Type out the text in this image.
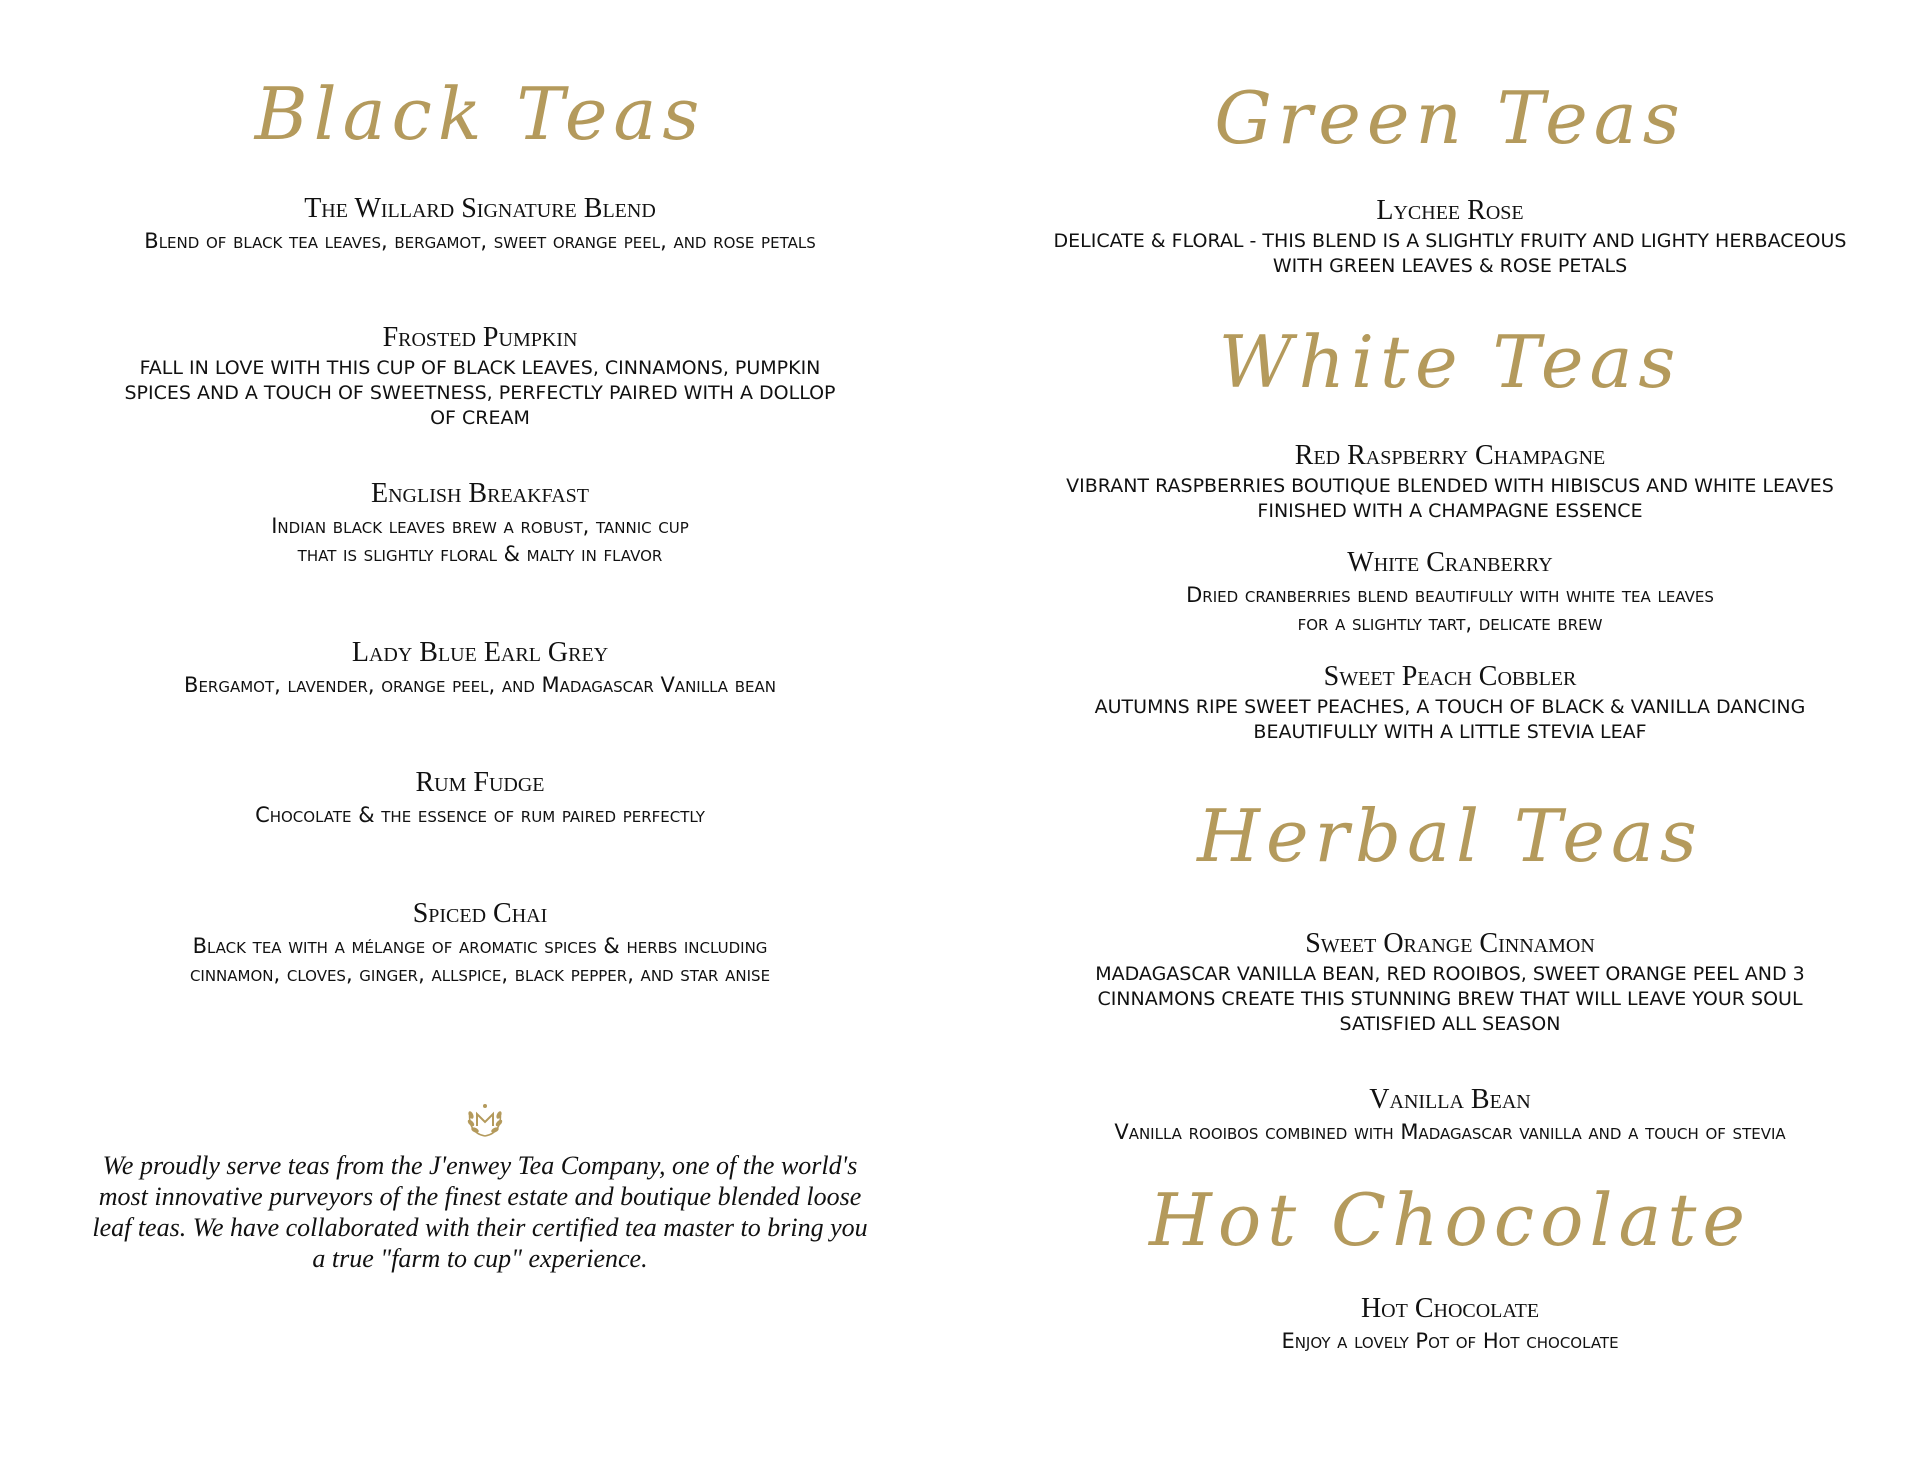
Black Teas
The Willard Signature Blend
Blend of black tea leaves, bergamot, sweet orange peel, and rose petals
Frosted Pumpkin
FALL IN LOVE WITH THIS CUP OF BLACK LEAVES, CINNAMONS, PUMPKIN
SPICES AND A TOUCH OF SWEETNESS, PERFECTLY PAIRED WITH A DOLLOP
OF CREAM
English Breakfast
Indian black leaves brew a robust, tannic cup
that is slightly floral & malty in flavor
Lady Blue Earl Grey
Bergamot, lavender, orange peel, and Madagascar Vanilla bean
Rum Fudge
Chocolate & the essence of rum paired perfectly
Spiced Chai
Black tea with a mélange of aromatic spices & herbs including
cinnamon, cloves, ginger, allspice, black pepper, and star anise
We proudly serve teas from the J'enwey Tea Company, one of the world's most innovative purveyors of the finest estate and boutique blended loose leaf teas. We have collaborated with their certified tea master to bring you a true "farm to cup" experience.
Green Teas
Lychee Rose
DELICATE & FLORAL - THIS BLEND IS A SLIGHTLY FRUITY AND LIGHTY HERBACEOUS
WITH GREEN LEAVES & ROSE PETALS
White Teas
Red Raspberry Champagne
VIBRANT RASPBERRIES BOUTIQUE BLENDED WITH HIBISCUS AND WHITE LEAVES
FINISHED WITH A CHAMPAGNE ESSENCE
White Cranberry
Dried cranberries blend beautifully with white tea leaves
for a slightly tart, delicate brew
Sweet Peach Cobbler
AUTUMNS RIPE SWEET PEACHES, A TOUCH OF BLACK & VANILLA DANCING
BEAUTIFULLY WITH A LITTLE STEVIA LEAF
Herbal Teas
Sweet Orange Cinnamon
MADAGASCAR VANILLA BEAN, RED ROOIBOS, SWEET ORANGE PEEL AND 3
CINNAMONS CREATE THIS STUNNING BREW THAT WILL LEAVE YOUR SOUL
SATISFIED ALL SEASON
Vanilla Bean
Vanilla rooibos combined with Madagascar vanilla and a touch of stevia
Hot Chocolate
Hot Chocolate
Enjoy a lovely Pot of Hot chocolate
